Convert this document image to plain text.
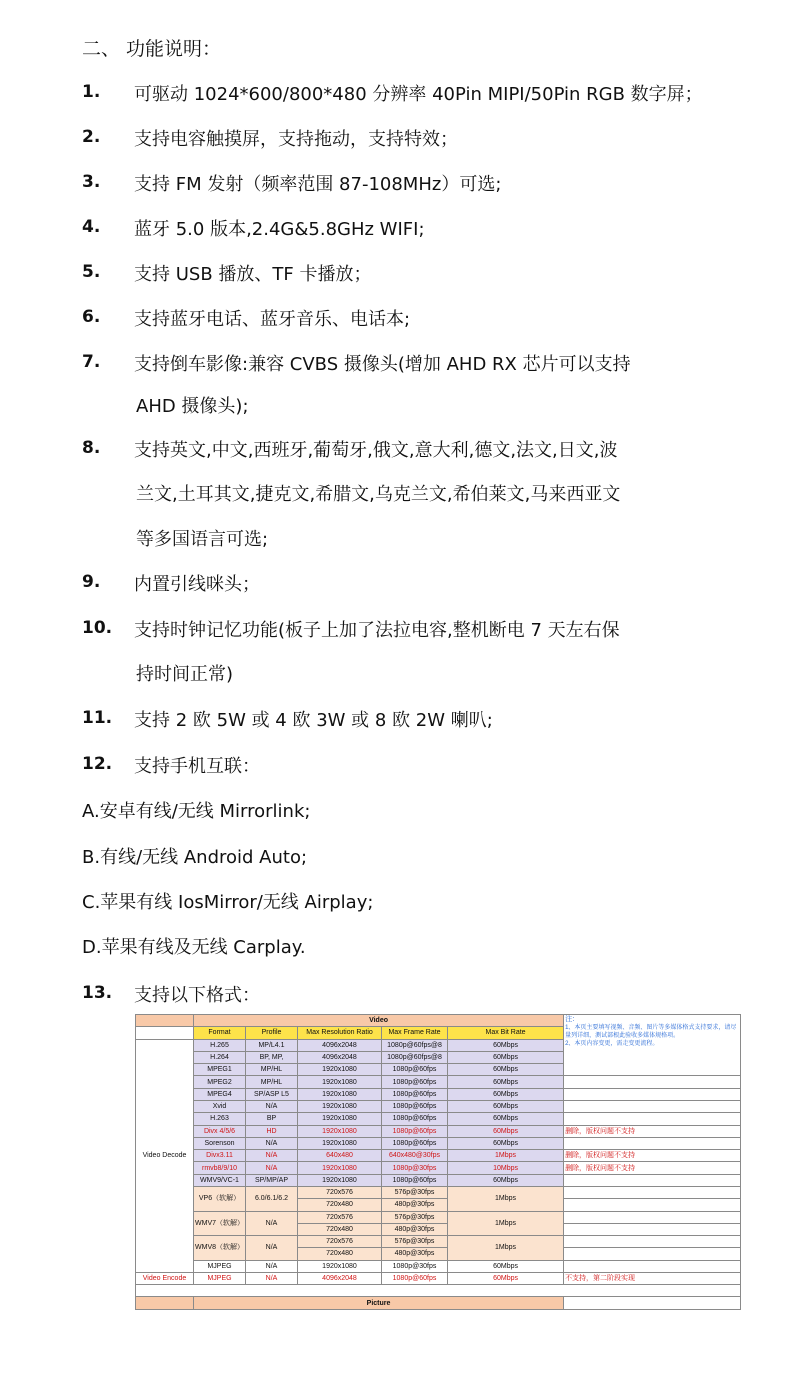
二、 功能说明：
1. 可驱动 1024*600/800*480 分辨率 40Pin MIPI/50Pin RGB 数字屏；
2. 支持电容触摸屏，支持拖动，支持特效；
3. 支持 FM 发射（频率范围 87-108MHz）可选;
4. 蓝牙 5.0 版本,2.4G&5.8GHz WIFI;
5. 支持 USB 播放、TF 卡播放；
6. 支持蓝牙电话、蓝牙音乐、电话本;
7. 支持倒车影像:兼容 CVBS 摄像头(增加 AHD RX 芯片可以支持
AHD 摄像头);
8. 支持英文,中文,西班牙,葡萄牙,俄文,意大利,德文,法文,日文,波
兰文,土耳其文,捷克文,希腊文,乌克兰文,希伯莱文,马来西亚文
等多国语言可选;
9. 内置引线咪头；
10. 支持时钟记忆功能(板子上加了法拉电容,整机断电 7 天左右保
持时间正常)
11. 支持 2 欧 5W 或 4 欧 3W 或 8 欧 2W 喇叭;
12. 支持手机互联：
A.安卓有线/无线 Mirrorlink;
B.有线/无线 Android Auto;
C.苹果有线 IosMirror/无线 Airplay;
D.苹果有线及无线 Carplay.
13. 支持以下格式：
	Video					注：
1、本页主要填写视频、音频、图片等多媒体格式支持要求，请尽量列详细，测试部根此验收多媒体规格项。
2、本页内容变更，需走变更流程。

	Format	Profile	Max Resolution Ratio	Max Frame Rate	Max Bit Rate	
Video Decode	H.265	MP/L4.1	4096x2048	1080p@60fps@8	60Mbps	
	H.264	BP, MP,	4096x2048	1080p@60fps@8	60Mbps	
	MPEG1	MP/HL	1920x1080	1080p@60fps	60Mbps	
	MPEG2	MP/HL	1920x1080	1080p@60fps	60Mbps	
	MPEG4	SP/ASP L5	1920x1080	1080p@60fps	60Mbps	
	Xvid	N/A	1920x1080	1080p@60fps	60Mbps	
	H.263	BP	1920x1080	1080p@60fps	60Mbps	
	Divx 4/5/6	HD	1920x1080	1080p@60fps	60Mbps	删除，版权问题不支持
	Sorenson	N/A	1920x1080	1080p@60fps	60Mbps	
	Divx3.11	N/A	640x480	640x480@30fps	1Mbps	删除，版权问题不支持
	rmvb8/9/10	N/A	1920x1080	1080p@30fps	10Mbps	删除，版权问题不支持
	WMV9/VC-1	SP/MP/AP	1920x1080	1080p@60fps	60Mbps	
	VP6（软解）	6.0/6.1/6.2	720x576	576p@30fps	1Mbps	
			720x480	480p@30fps		
	WMV7（软解）	N/A	720x576	576p@30fps	1Mbps	
			720x480	480p@30fps		
	WMV8（软解）	N/A	720x576	576p@30fps	1Mbps	
			720x480	480p@30fps		
	MJPEG	N/A	1920x1080	1080p@30fps	60Mbps	
Video Encode	MJPEG	N/A	4096x2048	1080p@60fps	60Mbps	不支持，第二阶段实现

	Picture					
